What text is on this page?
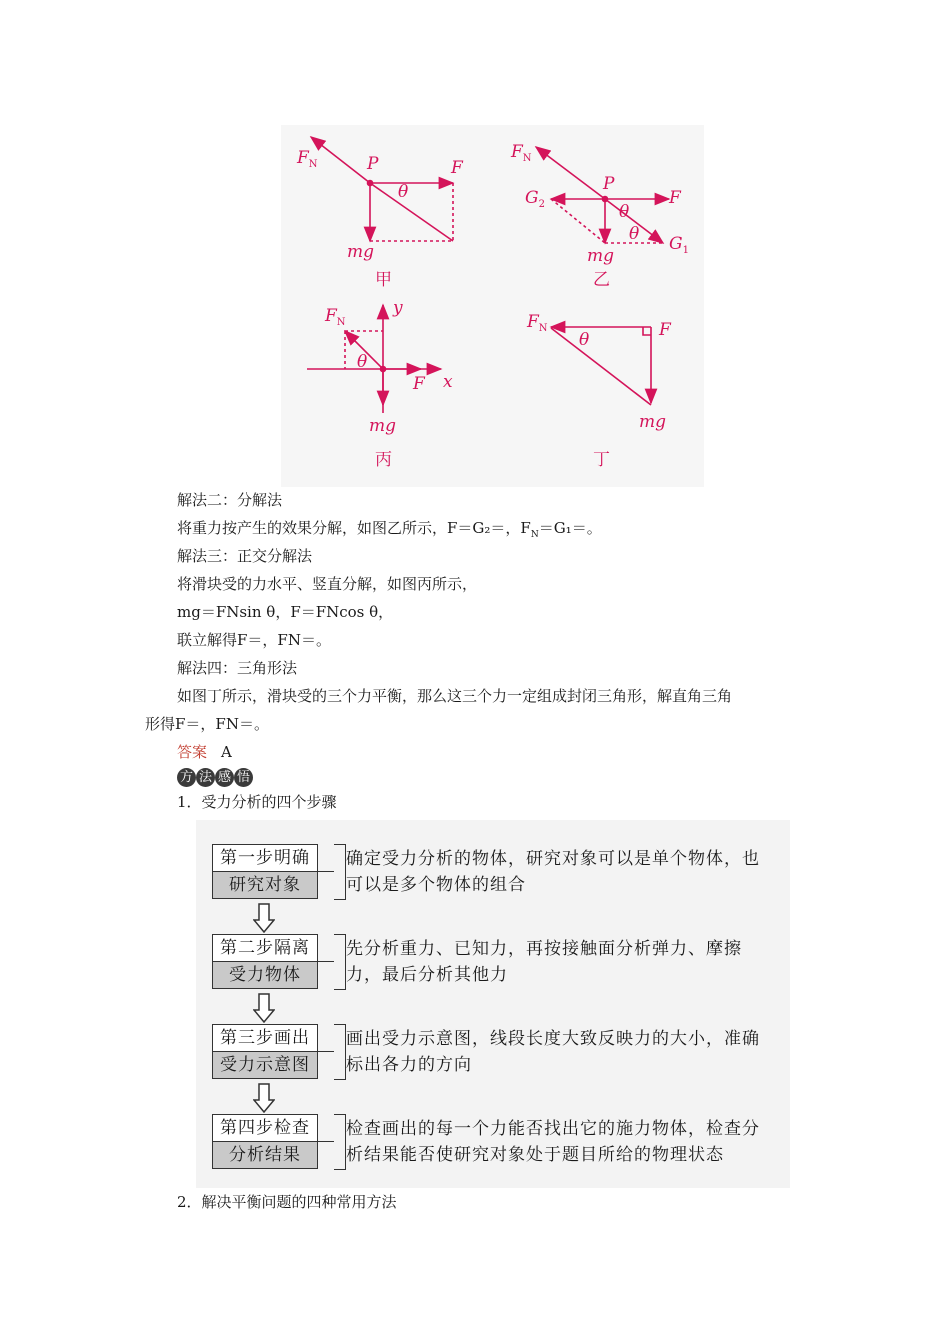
$F_N$	P	F
θ
mg
甲
$F_N$
P
F
$G_2$
$G_1$
θ
θ
mg
乙
$F_N$
y
x
F
θ
mg
丙
$F_N$	F
θ
mg
丁
解法二：分解法
将重力按产生的效果分解，如图乙所示，F＝G₂＝，$F_N=G_1=$。
解法三：正交分解法
将滑块受的力水平、竖直分解，如图丙所示，
mg＝FNsin θ，F＝FNcos θ，
联立解得F＝，FN＝。
解法四：三角形法
如图丁所示，滑块受的三个力平衡，那么这三个力一定组成封闭三角形，解直角三角
形得F＝，FN＝。
答案 A
方 法 感 悟
1．受力分析的四个步骤
第一步明确
研究对象
确定受力分析的物体，研究对象可以是单个物体，也可以是多个物体的组合
第二步隔离
受力物体
先分析重力、已知力，再按接触面分析弹力、摩擦力，最后分析其他力
第三步画出
受力示意图
画出受力示意图，线段长度大致反映力的大小，准确标出各力的方向
第四步检查
分析结果
检查画出的每一个力能否找出它的施力物体，检查分析结果能否使研究对象处于题目所给的物理状态
2．解决平衡问题的四种常用方法
